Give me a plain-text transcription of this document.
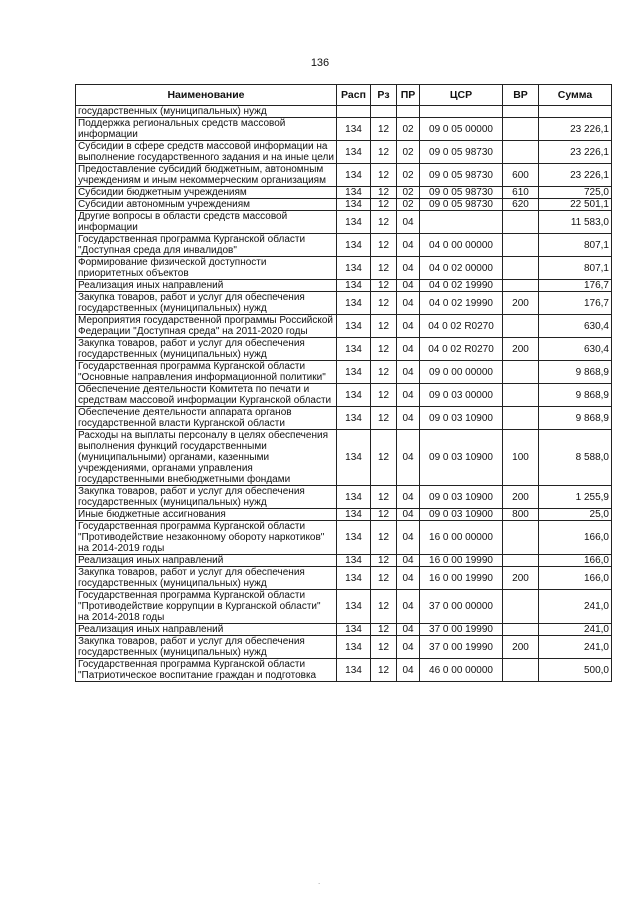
136
Наименование	Расп	Рз	ПР	ЦСР	ВР	Сумма
государственных (муниципальных) нужд						
Поддержка региональных средств массовой информации	134	12	02	09 0 05 00000		23 226,1
Субсидии в сфере средств массовой информации на выполнение государственного задания и на иные цели	134	12	02	09 0 05 98730		23 226,1
Предоставление субсидий бюджетным, автономным учреждениям и иным некоммерческим организациям	134	12	02	09 0 05 98730	600	23 226,1
Субсидии бюджетным учреждениям	134	12	02	09 0 05 98730	610	725,0
Субсидии автономным учреждениям	134	12	02	09 0 05 98730	620	22 501,1
Другие вопросы в области средств массовой информации	134	12	04			11 583,0
Государственная программа Курганской области "Доступная среда для инвалидов"	134	12	04	04 0 00 00000		807,1
Формирование физической доступности приоритетных объектов	134	12	04	04 0 02 00000		807,1
Реализация иных направлений	134	12	04	04 0 02 19990		176,7
Закупка товаров, работ и услуг для обеспечения государственных (муниципальных) нужд	134	12	04	04 0 02 19990	200	176,7
Мероприятия государственной программы Российской Федерации "Доступная среда" на 2011-2020 годы	134	12	04	04 0 02 R0270		630,4
Закупка товаров, работ и услуг для обеспечения государственных (муниципальных) нужд	134	12	04	04 0 02 R0270	200	630,4
Государственная программа Курганской области "Основные направления информационной политики"	134	12	04	09 0 00 00000		9 868,9
Обеспечение деятельности Комитета по печати и средствам массовой информации Курганской области	134	12	04	09 0 03 00000		9 868,9
Обеспечение деятельности аппарата органов государственной власти Курганской области	134	12	04	09 0 03 10900		9 868,9
Расходы на выплаты персоналу в целях обеспечения выполнения функций государственными (муниципальными) органами, казенными учреждениями, органами управления государственными внебюджетными фондами	134	12	04	09 0 03 10900	100	8 588,0
Закупка товаров, работ и услуг для обеспечения государственных (муниципальных) нужд	134	12	04	09 0 03 10900	200	1 255,9
Иные бюджетные ассигнования	134	12	04	09 0 03 10900	800	25,0
Государственная программа Курганской области "Противодействие незаконному обороту наркотиков" на 2014-2019 годы	134	12	04	16 0 00 00000		166,0
Реализация иных направлений	134	12	04	16 0 00 19990		166,0
Закупка товаров, работ и услуг для обеспечения государственных (муниципальных) нужд	134	12	04	16 0 00 19990	200	166,0
Государственная программа Курганской области "Противодействие коррупции в Курганской области" на 2014-2018 годы	134	12	04	37 0 00 00000		241,0
Реализация иных направлений	134	12	04	37 0 00 19990		241,0
Закупка товаров, работ и услуг для обеспечения государственных (муниципальных) нужд	134	12	04	37 0 00 19990	200	241,0
Государственная программа Курганской области "Патриотическое воспитание граждан и подготовка	134	12	04	46 0 00 00000		500,0
.
